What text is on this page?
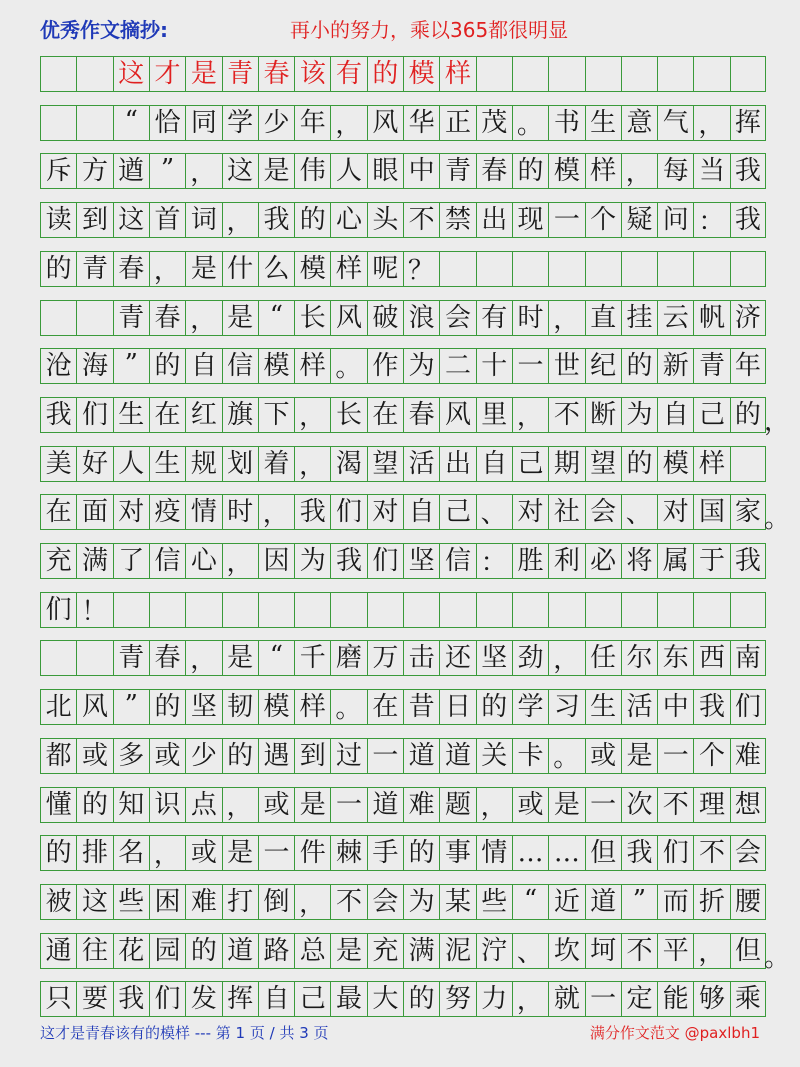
优秀作文摘抄:	再小的努力，乘以365都很明显
这 才 是 青 春 该 有 的 模 样
“ 恰 同 学 少 年 ， 风 华 正 茂 。 书 生 意 气 ， 挥
斥 方 遒 ” ， 这 是 伟 人 眼 中 青 春 的 模 样 ， 每 当 我
读 到 这 首 词 ， 我 的 心 头 不 禁 出 现 一 个 疑 问 ： 我
的 青 春 ， 是 什 么 模 样 呢 ？
青 春 ， 是 “ 长 风 破 浪 会 有 时 ， 直 挂 云 帆 济
沧 海 ” 的 自 信 模 样 。 作 为 二 十 一 世 纪 的 新 青 年
我 们 生 在 红 旗 下 ， 长 在 春 风 里 ， 不 断 为 自 己 的
美 好 人 生 规 划 着 ， 渴 望 活 出 自 己 期 望 的 模 样
在 面 对 疫 情 时 ， 我 们 对 自 己 、 对 社 会 、 对 国 家
充 满 了 信 心 ， 因 为 我 们 坚 信 ： 胜 利 必 将 属 于 我
们 ！
青 春 ， 是 “ 千 磨 万 击 还 坚 劲 ， 任 尔 东 西 南
北 风 ” 的 坚 韧 模 样 。 在 昔 日 的 学 习 生 活 中 我 们
都 或 多 或 少 的 遇 到 过 一 道 道 关 卡 。 或 是 一 个 难
懂 的 知 识 点 ， 或 是 一 道 难 题 ， 或 是 一 次 不 理 想
的 排 名 ， 或 是 一 件 棘 手 的 事 情 … … 但 我 们 不 会
被 这 些 困 难 打 倒 ， 不 会 为 某 些 “ 近 道 ” 而 折 腰
通 往 花 园 的 道 路 总 是 充 满 泥 泞 、 坎 坷 不 平 ， 但
只 要 我 们 发 挥 自 己 最 大 的 努 力 ， 就 一 定 能 够 乘
，
。
。
这才是青春该有的模样 --- 第 1 页 / 共 3 页	满分作文范文 @paxlbh1
